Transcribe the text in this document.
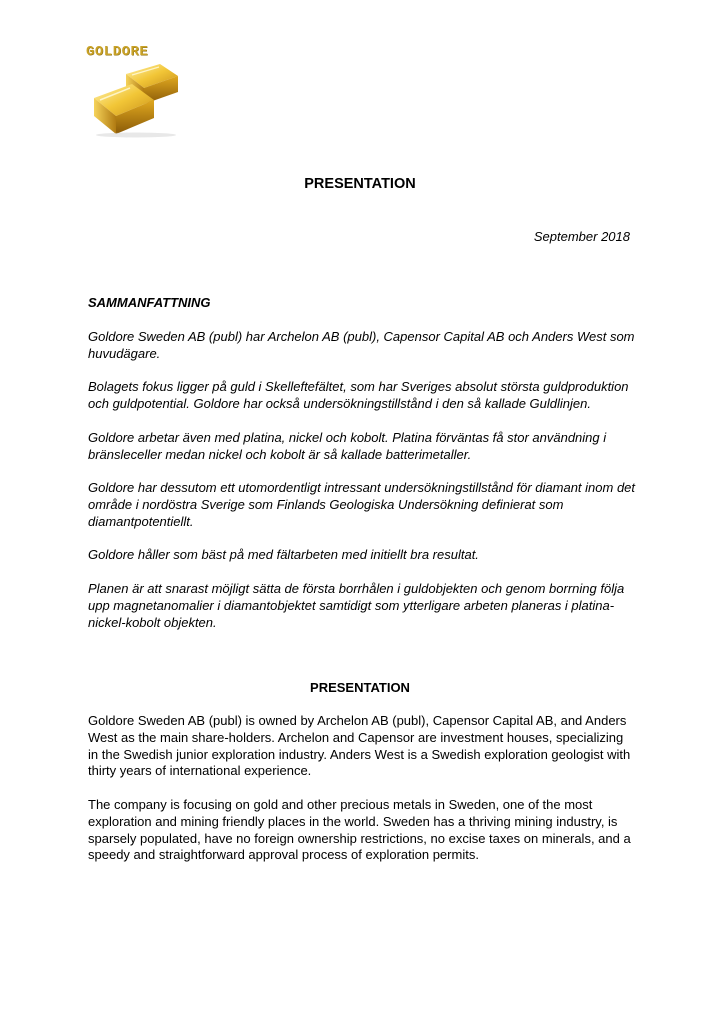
GOLDORE
PRESENTATION
September 2018
SAMMANFATTNING

Goldore Sweden AB (publ) har Archelon AB (publ), Capensor Capital AB och Anders West som huvudägare.

Bolagets fokus ligger på guld i Skelleftefältet, som har Sveriges absolut största guldproduktion och guldpotential. Goldore har också undersökningstillstånd i den så kallade Guldlinjen.

Goldore arbetar även med platina, nickel och kobolt. Platina förväntas få stor användning i bränsleceller medan nickel och kobolt är så kallade batterimetaller.

Goldore har dessutom ett utomordentligt intressant undersökningstillstånd för diamant inom det område i nordöstra Sverige som Finlands Geologiska Undersökning definierat som diamantpotentiellt.

Goldore håller som bäst på med fältarbeten med initiellt bra resultat.

Planen är att snarast möjligt sätta de första borrhålen i guldobjekten och genom borrning följa upp magnetanomalier i diamantobjektet samtidigt som ytterligare arbeten planeras i platina-nickel-kobolt objekten.

PRESENTATION

Goldore Sweden AB (publ) is owned by Archelon AB (publ), Capensor Capital AB, and Anders West as the main share-holders. Archelon and Capensor are investment houses, specializing in the Swedish junior exploration industry. Anders West is a Swedish exploration geologist with thirty years of international experience.

The company is focusing on gold and other precious metals in Sweden, one of the most exploration and mining friendly places in the world. Sweden has a thriving mining industry, is sparsely populated, have no foreign ownership restrictions, no excise taxes on minerals, and a speedy and straightforward approval process of exploration permits.
